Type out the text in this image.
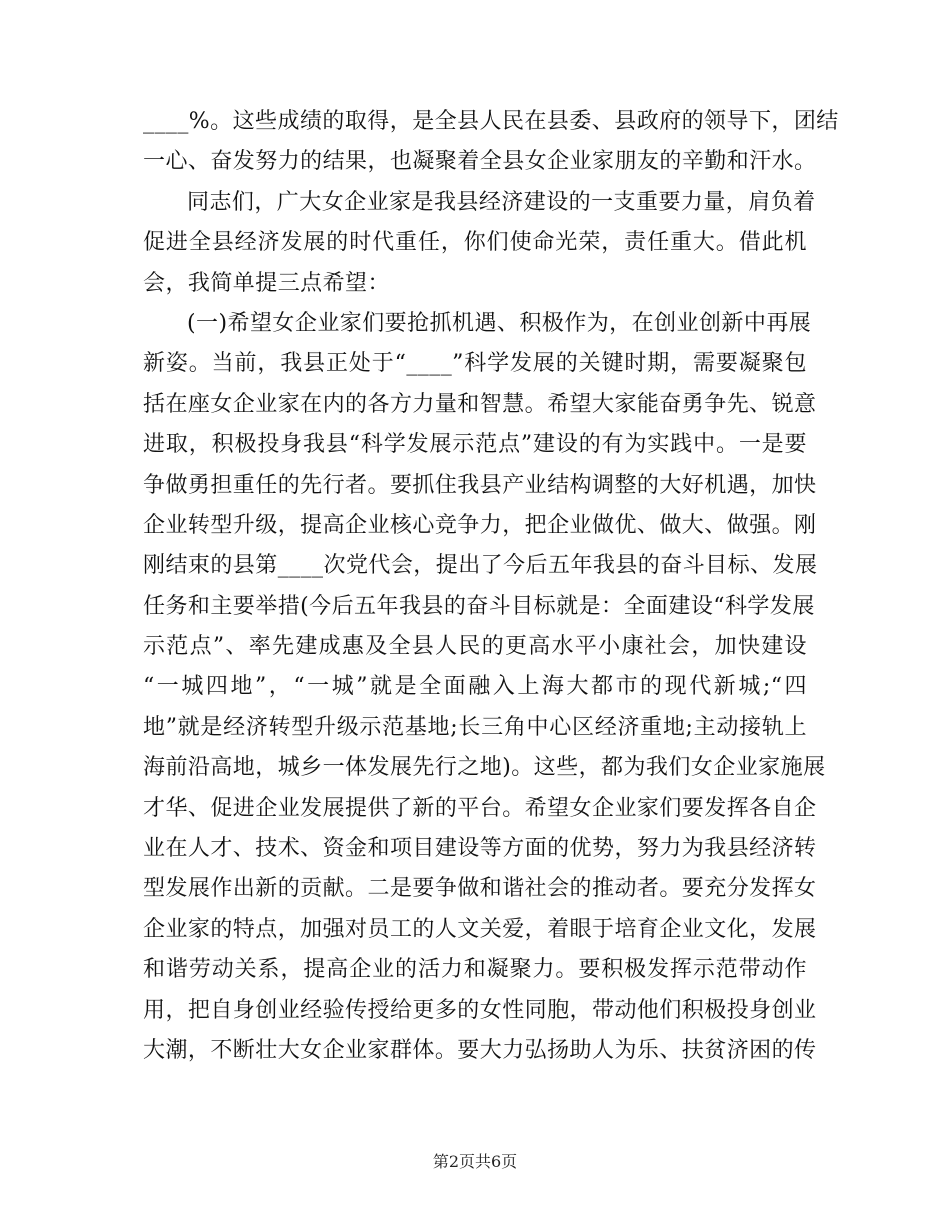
____%。这些成绩的取得，是全县人民在县委、县政府的领导下，团结
一心、奋发努力的结果，也凝聚着全县女企业家朋友的辛勤和汗水。
同志们，广大女企业家是我县经济建设的一支重要力量，肩负着
促进全县经济发展的时代重任，你们使命光荣，责任重大。借此机
会，我简单提三点希望：
(一)希望女企业家们要抢抓机遇、积极作为，在创业创新中再展
新姿。当前，我县正处于“____”科学发展的关键时期，需要凝聚包
括在座女企业家在内的各方力量和智慧。希望大家能奋勇争先、锐意
进取，积极投身我县“科学发展示范点”建设的有为实践中。一是要
争做勇担重任的先行者。要抓住我县产业结构调整的大好机遇，加快
企业转型升级，提高企业核心竞争力，把企业做优、做大、做强。刚
刚结束的县第____次党代会，提出了今后五年我县的奋斗目标、发展
任务和主要举措(今后五年我县的奋斗目标就是：全面建设“科学发展
示范点”、率先建成惠及全县人民的更高水平小康社会，加快建设
“一城四地”，“一城”就是全面融入上海大都市的现代新城;“四
地”就是经济转型升级示范基地;长三角中心区经济重地;主动接轨上
海前沿高地，城乡一体发展先行之地)。这些，都为我们女企业家施展
才华、促进企业发展提供了新的平台。希望女企业家们要发挥各自企
业在人才、技术、资金和项目建设等方面的优势，努力为我县经济转
型发展作出新的贡献。二是要争做和谐社会的推动者。要充分发挥女
企业家的特点，加强对员工的人文关爱，着眼于培育企业文化，发展
和谐劳动关系，提高企业的活力和凝聚力。要积极发挥示范带动作
用，把自身创业经验传授给更多的女性同胞，带动他们积极投身创业
大潮，不断壮大女企业家群体。要大力弘扬助人为乐、扶贫济困的传
第2页共6页
